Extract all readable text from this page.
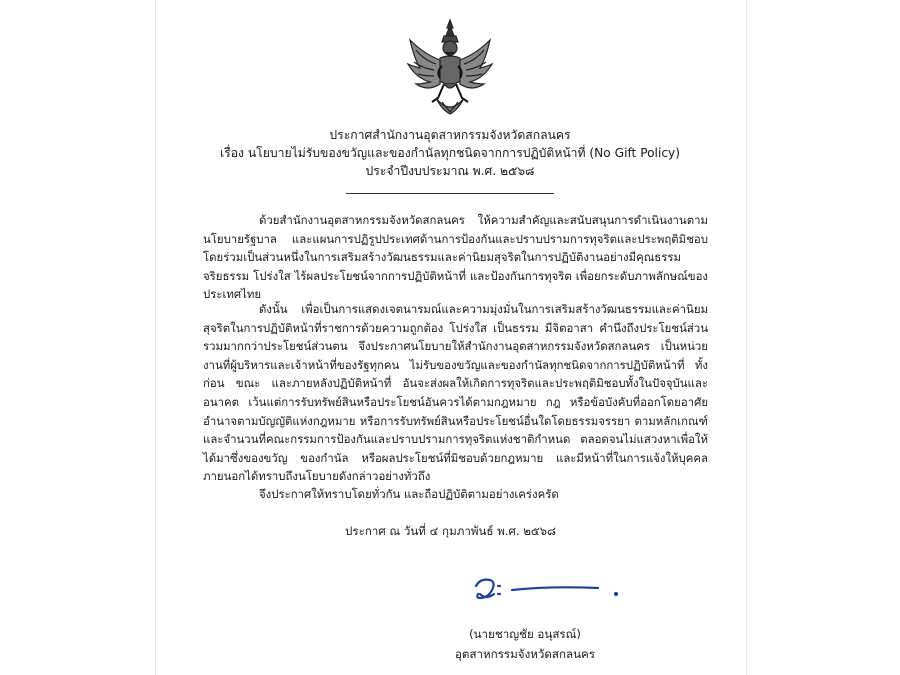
ประกาศสำนักงานอุตสาหกรรมจังหวัดสกลนคร
เรื่อง นโยบายไม่รับของขวัญและของกำนัลทุกชนิดจากการปฏิบัติหน้าที่ (No Gift Policy)
ประจำปีงบประมาณ พ.ศ. ๒๕๖๘
ด้วยสำนักงานอุตสาหกรรมจังหวัดสกลนคร ให้ความสำคัญและสนับสนุนการดำเนินงานตามนโยบายรัฐบาล และแผนการปฏิรูปประเทศด้านการป้องกันและปราบปรามการทุจริตและประพฤติมิชอบ โดยร่วมเป็นส่วนหนึ่งในการเสริมสร้างวัฒนธรรมและค่านิยมสุจริตในการปฏิบัติงานอย่างมีคุณธรรม จริยธรรม โปร่งใส ไร้ผลประโยชน์จากการปฏิบัติหน้าที่ และป้องกันการทุจริต เพื่อยกระดับภาพลักษณ์ของประเทศไทย
ดังนั้น เพื่อเป็นการแสดงเจตนารมณ์และความมุ่งมั่นในการเสริมสร้างวัฒนธรรมและค่านิยมสุจริตในการปฏิบัติหน้าที่ราชการด้วยความถูกต้อง โปร่งใส เป็นธรรม มีจิตอาสา คำนึงถึงประโยชน์ส่วนรวมมากกว่าประโยชน์ส่วนตน จึงประกาศนโยบายให้สำนักงานอุตสาหกรรมจังหวัดสกลนคร เป็นหน่วยงานที่ผู้บริหารและเจ้าหน้าที่ของรัฐทุกคน ไม่รับของขวัญและของกำนัลทุกชนิดจากการปฏิบัติหน้าที่ ทั้งก่อน ขณะ และภายหลังปฏิบัติหน้าที่ อันจะส่งผลให้เกิดการทุจริตและประพฤติมิชอบทั้งในปัจจุบันและอนาคต เว้นแต่การรับทรัพย์สินหรือประโยชน์อันควรได้ตามกฎหมาย กฎ หรือข้อบังคับที่ออกโดยอาศัยอำนาจตามบัญญัติแห่งกฎหมาย หรือการรับทรัพย์สินหรือประโยชน์อื่นใดโดยธรรมจรรยา ตามหลักเกณฑ์และจำนวนที่คณะกรรมการป้องกันและปราบปรามการทุจริตแห่งชาติกำหนด ตลอดจนไม่แสวงหาเพื่อให้ได้มาซึ่งของขวัญ ของกำนัล หรือผลประโยชน์ที่มิชอบด้วยกฎหมาย และมีหน้าที่ในการแจ้งให้บุคคลภายนอกได้ทราบถึงนโยบายดังกล่าวอย่างทั่วถึง
จึงประกาศให้ทราบโดยทั่วกัน และถือปฏิบัติตามอย่างเคร่งครัด
ประกาศ ณ วันที่ ๔ กุมภาพันธ์ พ.ศ. ๒๕๖๘
(นายชาญชัย อนุสรณ์)
อุตสาหกรรมจังหวัดสกลนคร
